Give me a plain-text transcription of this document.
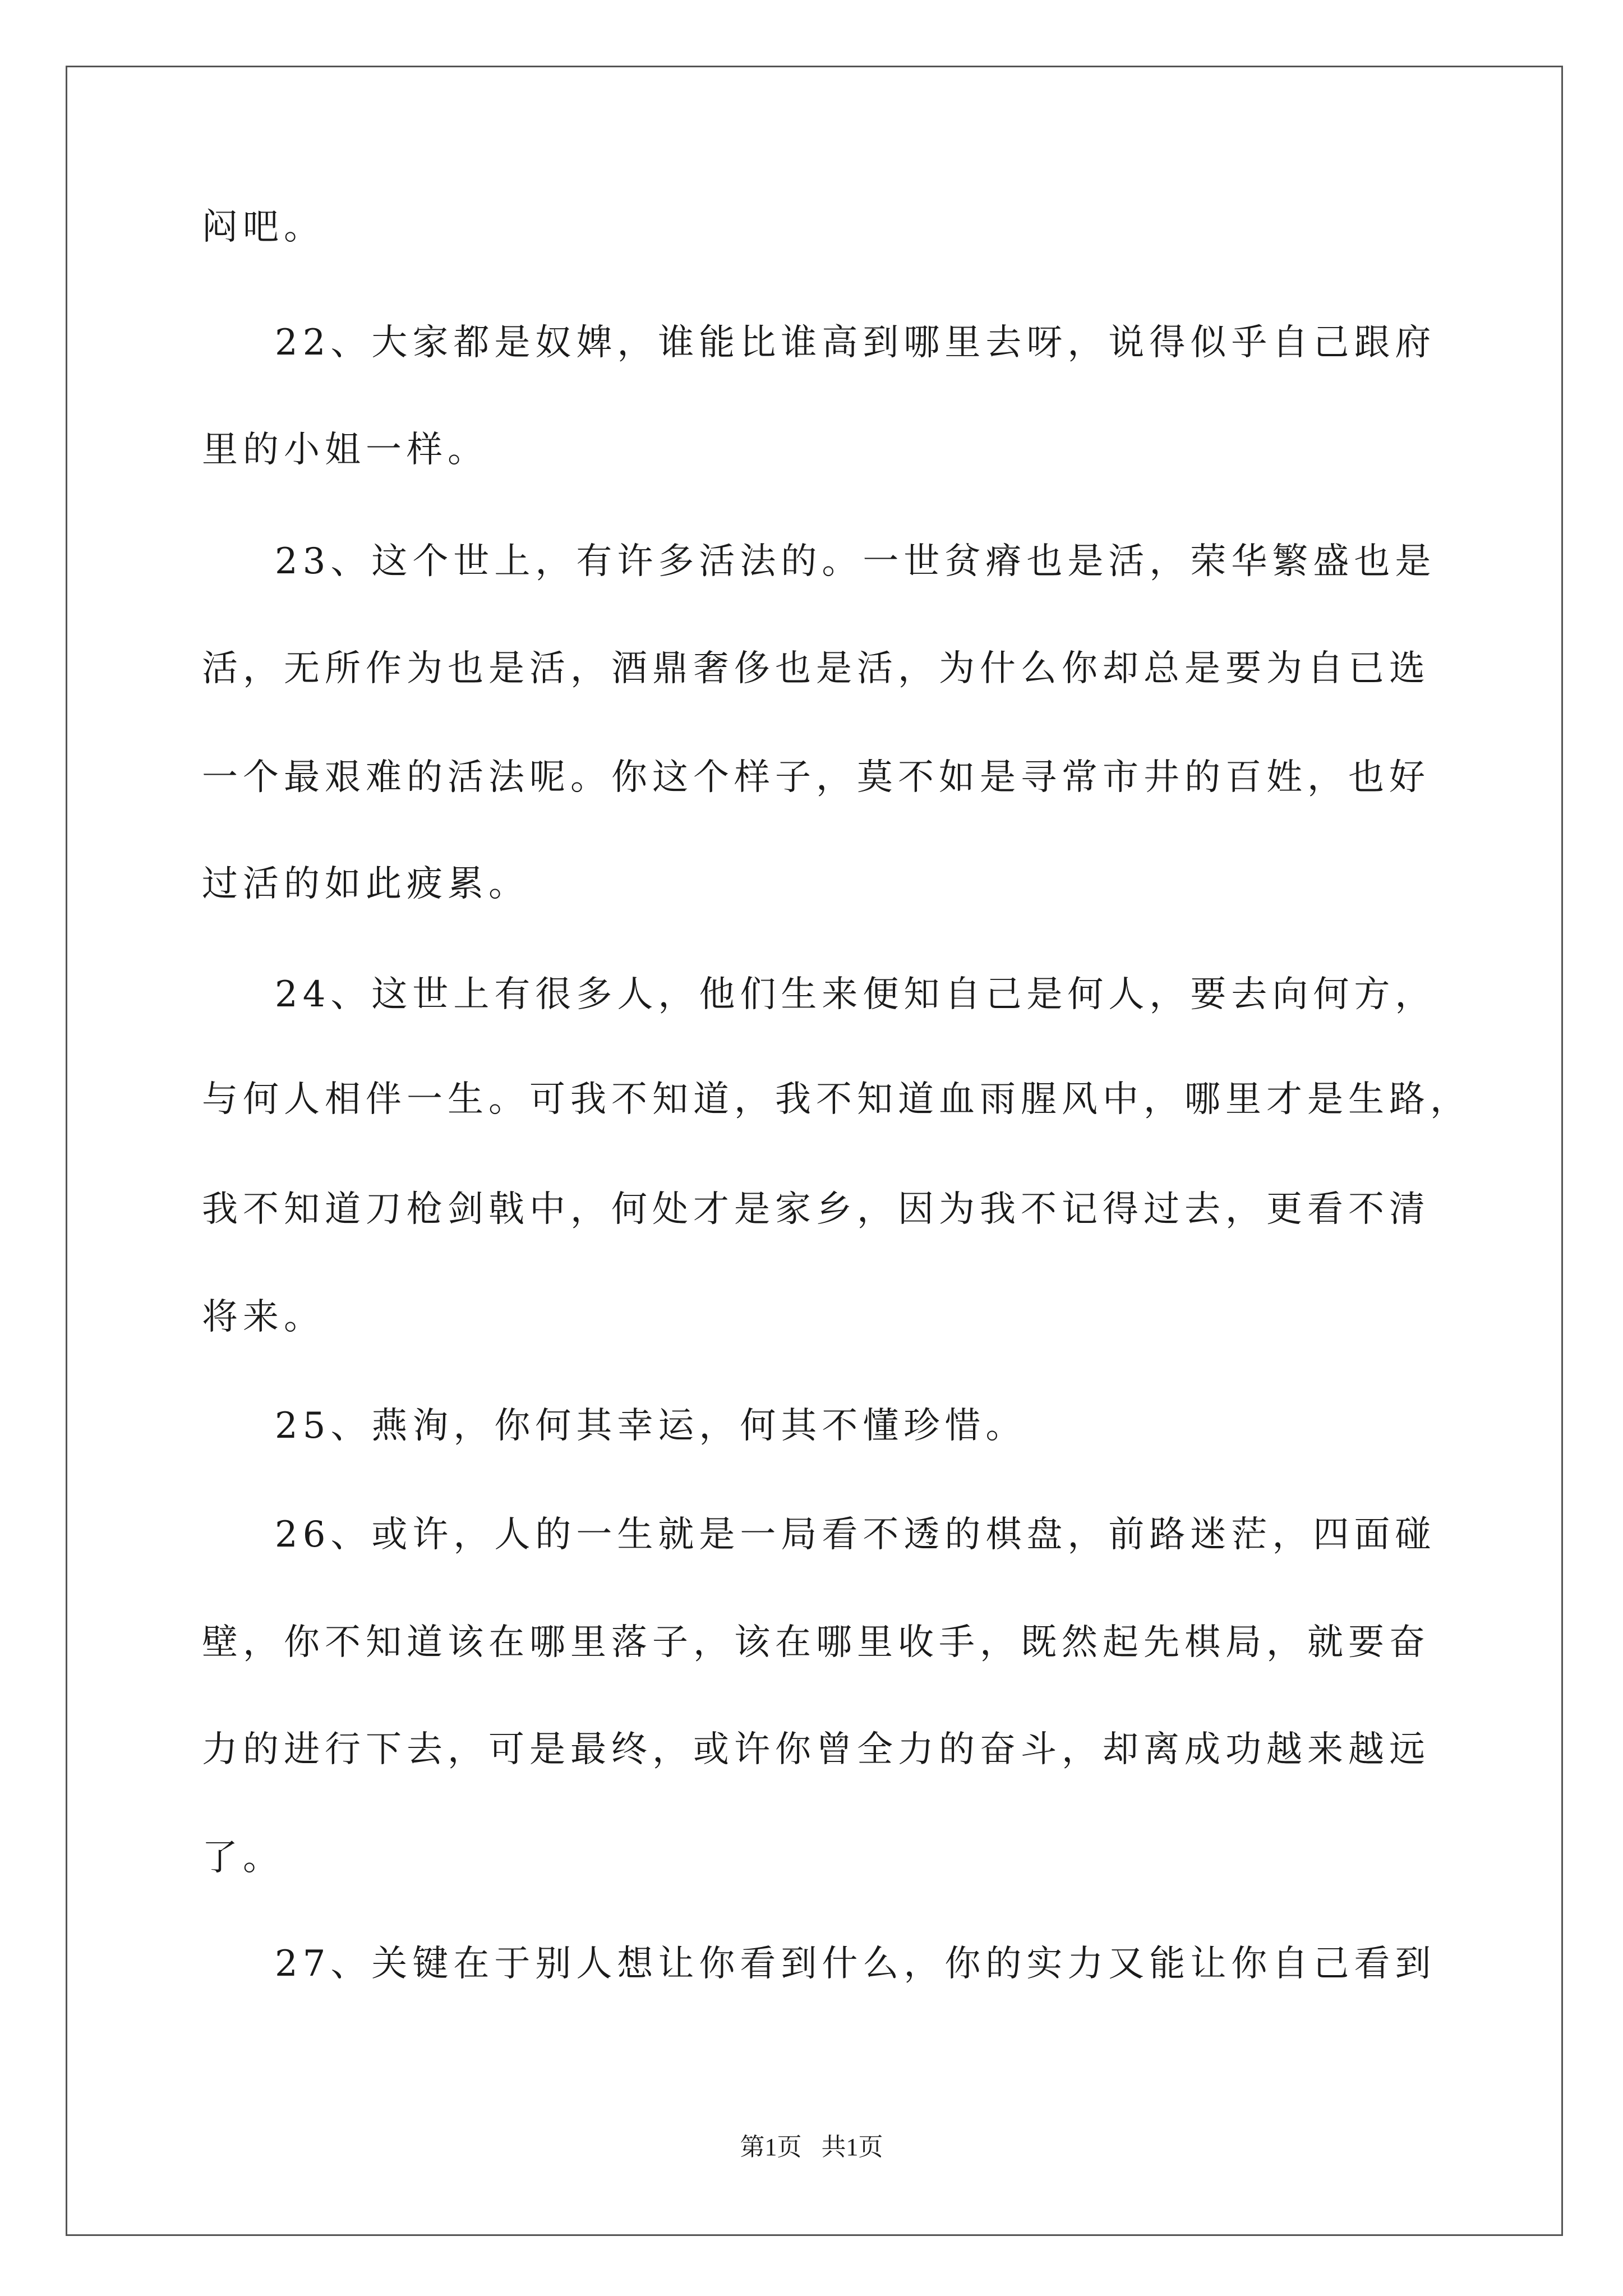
闷吧。
22、大家都是奴婢，谁能比谁高到哪里去呀，说得似乎自己跟府
里的小姐一样。
23、这个世上，有许多活法的。一世贫瘠也是活，荣华繁盛也是
活，无所作为也是活，酒鼎奢侈也是活，为什么你却总是要为自已选
一个最艰难的活法呢。你这个样子，莫不如是寻常市井的百姓，也好
过活的如此疲累。
24、这世上有很多人，他们生来便知自己是何人，要去向何方，
与何人相伴一生。可我不知道，我不知道血雨腥风中，哪里才是生路，
我不知道刀枪剑戟中，何处才是家乡，因为我不记得过去，更看不清
将来。
25、燕洵，你何其幸运，何其不懂珍惜。
26、或许，人的一生就是一局看不透的棋盘，前路迷茫，四面碰
壁，你不知道该在哪里落子，该在哪里收手，既然起先棋局，就要奋
力的进行下去，可是最终，或许你曾全力的奋斗，却离成功越来越远
了。
27、关键在于别人想让你看到什么，你的实力又能让你自己看到
第1页 共1页
